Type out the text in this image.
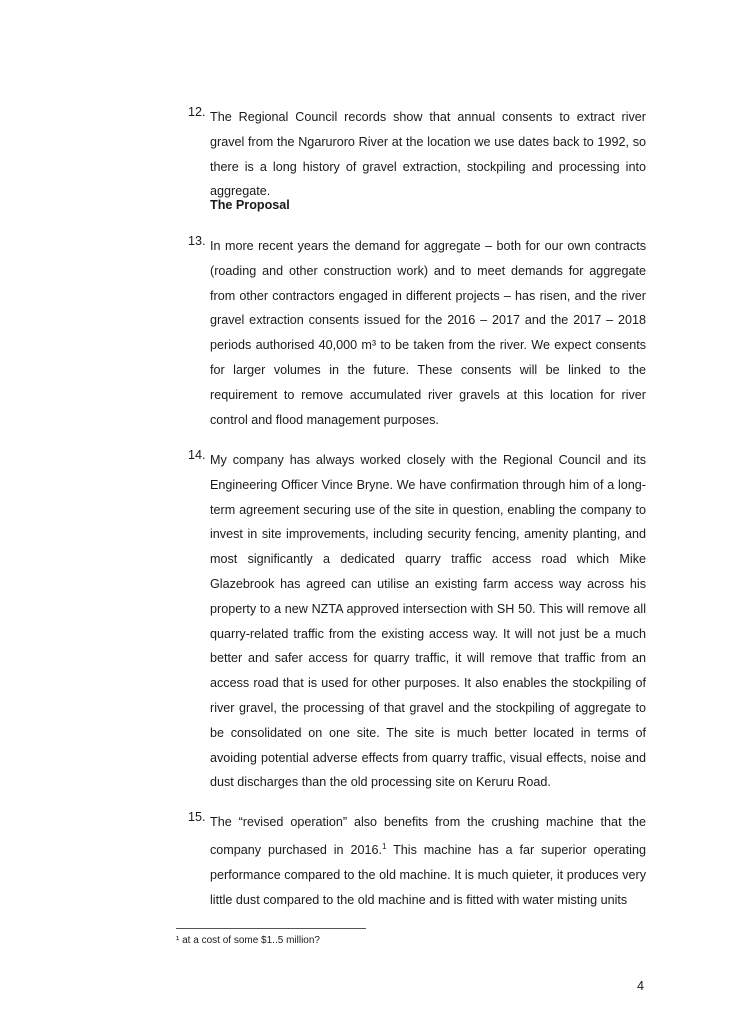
12. The Regional Council records show that annual consents to extract river gravel from the Ngaruroro River at the location we use dates back to 1992, so there is a long history of gravel extraction, stockpiling and processing into aggregate.
The Proposal
13. In more recent years the demand for aggregate – both for our own contracts (roading and other construction work) and to meet demands for aggregate from other contractors engaged in different projects – has risen, and the river gravel extraction consents issued for the 2016 – 2017 and the 2017 – 2018 periods authorised 40,000 m³ to be taken from the river. We expect consents for larger volumes in the future. These consents will be linked to the requirement to remove accumulated river gravels at this location for river control and flood management purposes.
14. My company has always worked closely with the Regional Council and its Engineering Officer Vince Bryne. We have confirmation through him of a long-term agreement securing use of the site in question, enabling the company to invest in site improvements, including security fencing, amenity planting, and most significantly a dedicated quarry traffic access road which Mike Glazebrook has agreed can utilise an existing farm access way across his property to a new NZTA approved intersection with SH 50. This will remove all quarry-related traffic from the existing access way. It will not just be a much better and safer access for quarry traffic, it will remove that traffic from an access road that is used for other purposes. It also enables the stockpiling of river gravel, the processing of that gravel and the stockpiling of aggregate to be consolidated on one site. The site is much better located in terms of avoiding potential adverse effects from quarry traffic, visual effects, noise and dust discharges than the old processing site on Keruru Road.
15. The “revised operation” also benefits from the crushing machine that the company purchased in 2016.$^1$ This machine has a far superior operating performance compared to the old machine. It is much quieter, it produces very little dust compared to the old machine and is fitted with water misting units
¹ at a cost of some $1..5 million?
4
